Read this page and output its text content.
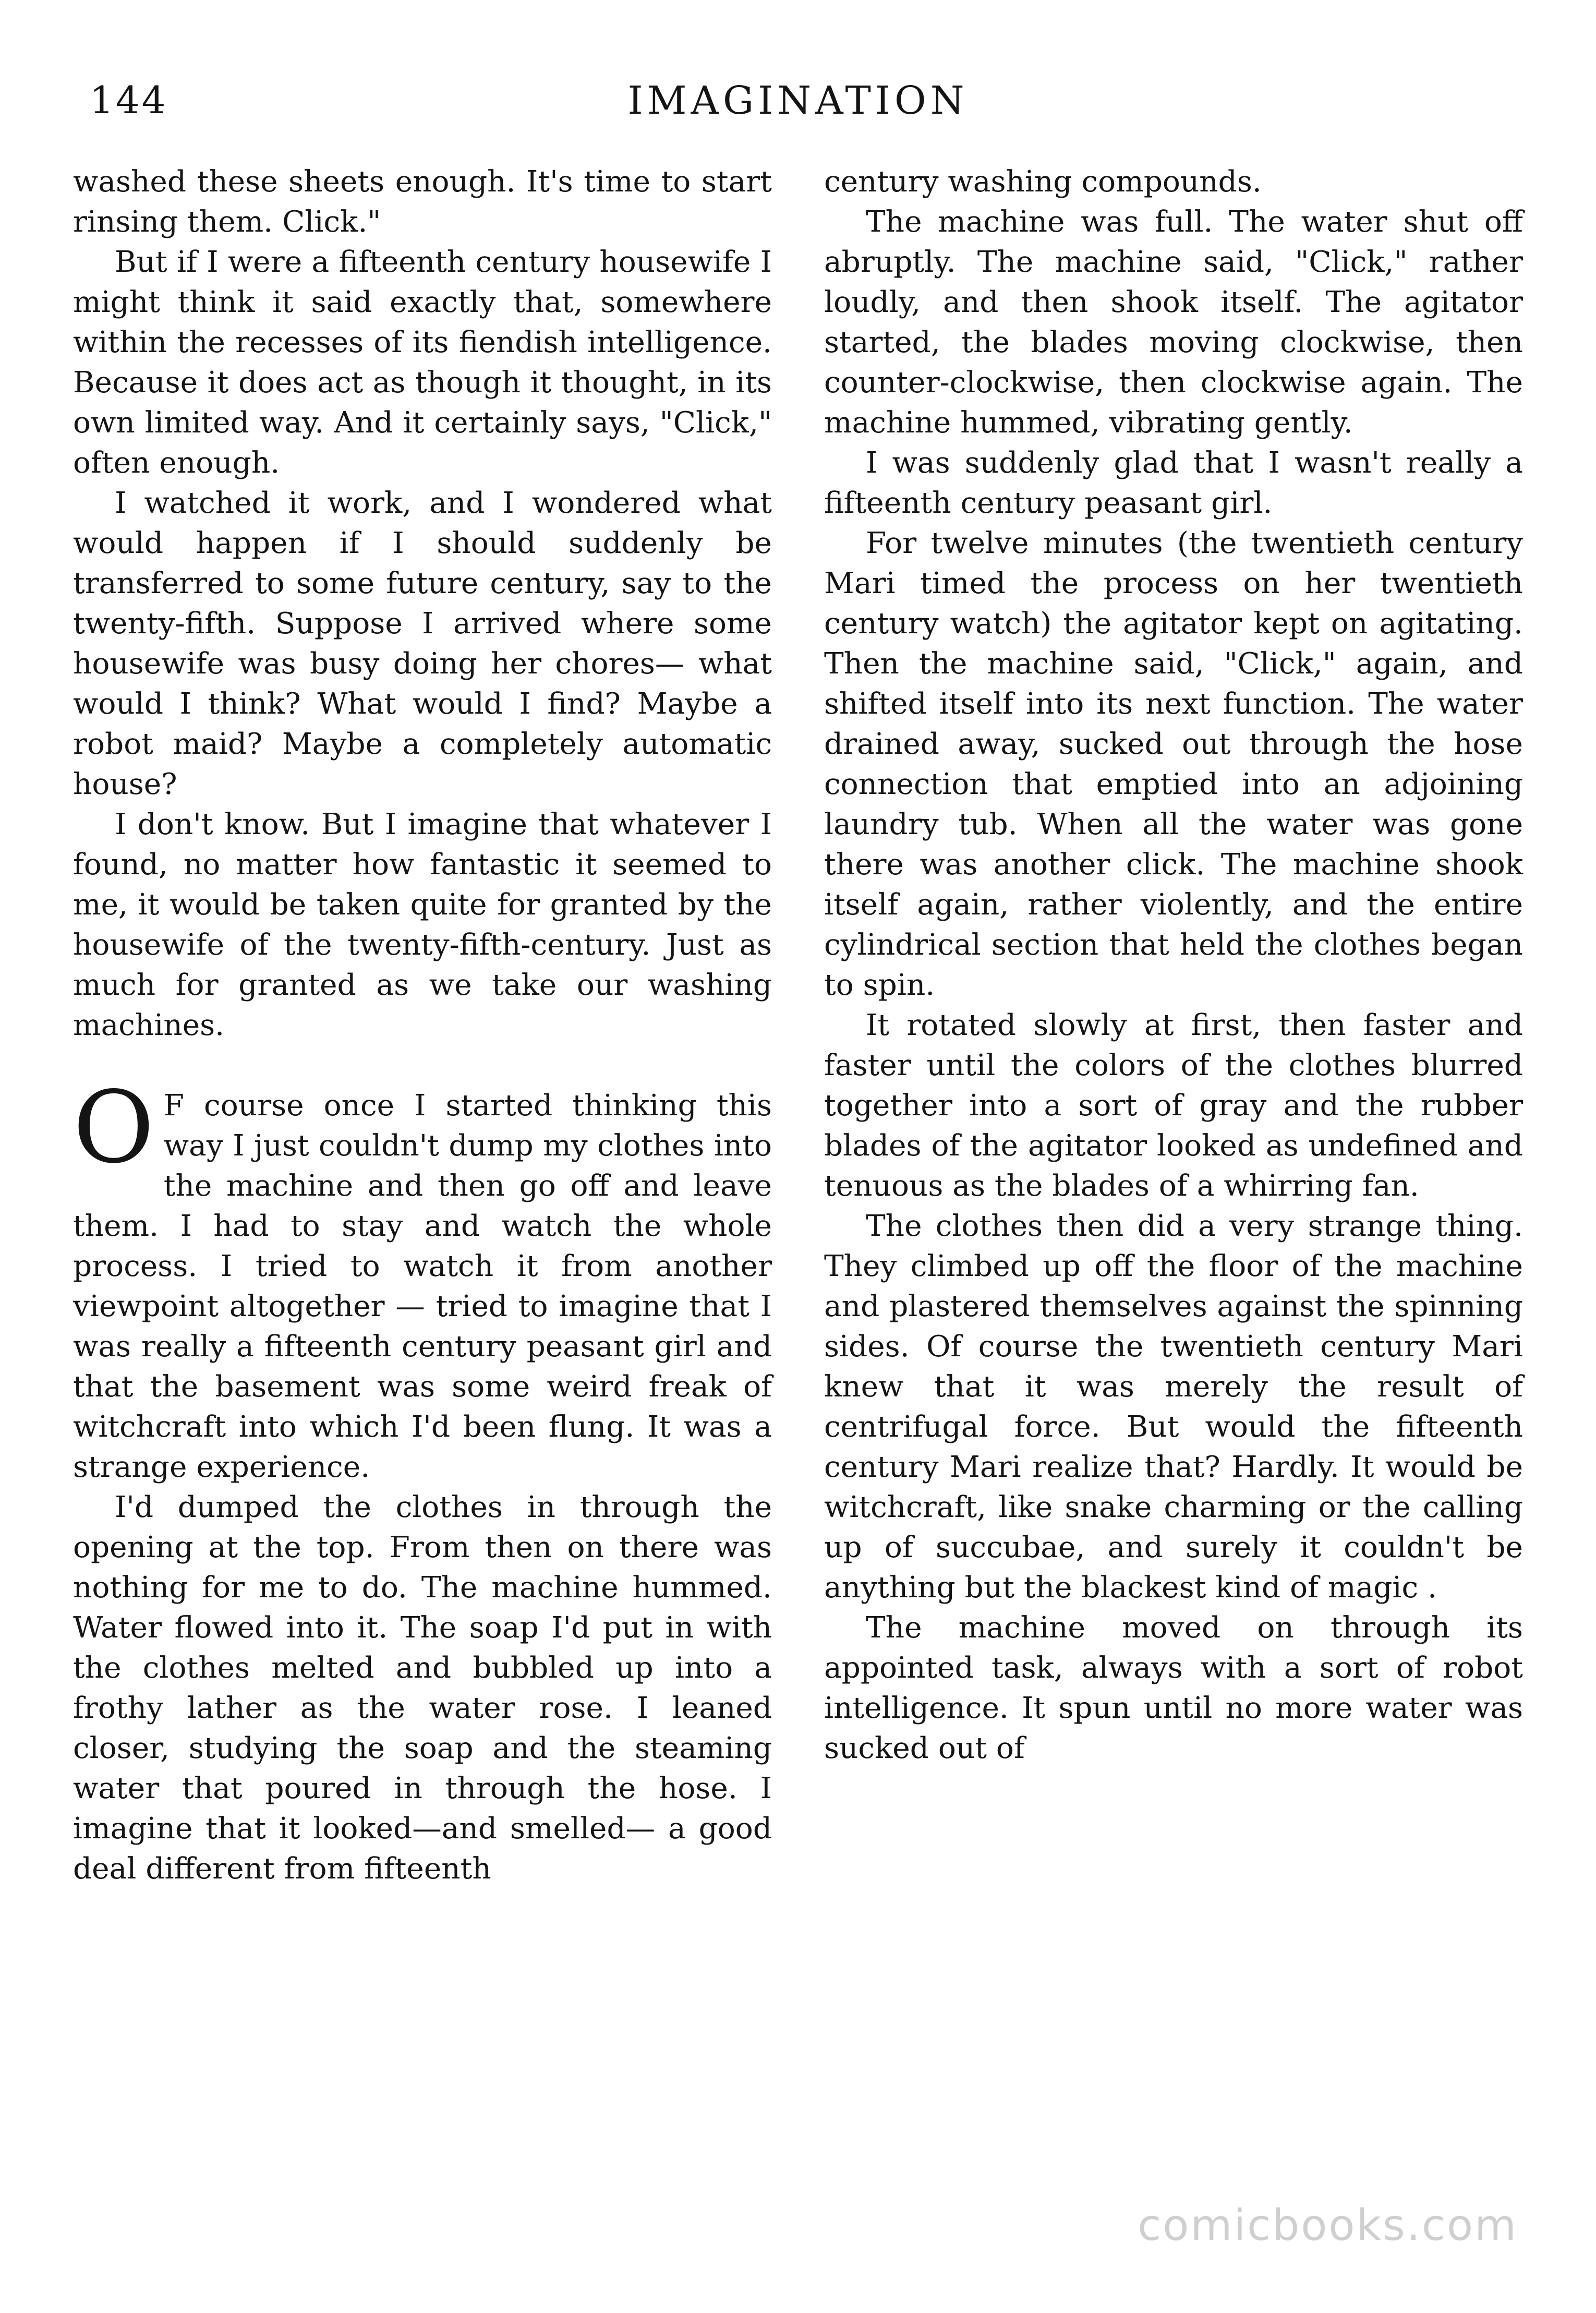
144	IMAGINATION

washed these sheets enough. It's time to start rinsing them. Click."

But if I were a fifteenth century housewife I might think it said exactly that, somewhere within the recesses of its fiendish intelligence. Because it does act as though it thought, in its own limited way. And it certainly says, "Click," often enough.

I watched it work, and I wondered what would happen if I should suddenly be transferred to some future century, say to the twenty-fifth. Suppose I arrived where some housewife was busy doing her chores— what would I think? What would I find? Maybe a robot maid? Maybe a completely automatic house?

I don't know. But I imagine that whatever I found, no matter how fantastic it seemed to me, it would be taken quite for granted by the housewife of the twenty-fifth-century. Just as much for granted as we take our washing machines.

O F course once I started thinking this way I just couldn't dump my clothes into the machine and then go off and leave them. I had to stay and watch the whole process. I tried to watch it from another viewpoint altogether — tried to imagine that I was really a fifteenth century peasant girl and that the basement was some weird freak of witchcraft into which I'd been flung. It was a strange experience.

I'd dumped the clothes in through the opening at the top. From then on there was nothing for me to do. The machine hummed. Water flowed into it. The soap I'd put in with the clothes melted and bubbled up into a frothy lather as the water rose. I leaned closer, studying the soap and the steaming water that poured in through the hose. I imagine that it looked—and smelled— a good deal different from fifteenth

century washing compounds.

The machine was full. The water shut off abruptly. The machine said, "Click," rather loudly, and then shook itself. The agitator started, the blades moving clockwise, then counter-clockwise, then clockwise again. The machine hummed, vibrating gently.

I was suddenly glad that I wasn't really a fifteenth century peasant girl.

For twelve minutes (the twentieth century Mari timed the process on her twentieth century watch) the agitator kept on agitating. Then the machine said, "Click," again, and shifted itself into its next function. The water drained away, sucked out through the hose connection that emptied into an adjoining laundry tub. When all the water was gone there was another click. The machine shook itself again, rather violently, and the entire cylindrical section that held the clothes began to spin.

It rotated slowly at first, then faster and faster until the colors of the clothes blurred together into a sort of gray and the rubber blades of the agitator looked as undefined and tenuous as the blades of a whirring fan.

The clothes then did a very strange thing. They climbed up off the floor of the machine and plastered themselves against the spinning sides. Of course the twentieth century Mari knew that it was merely the result of centrifugal force. But would the fifteenth century Mari realize that? Hardly. It would be witchcraft, like snake charming or the calling up of succubae, and surely it couldn't be anything but the blackest kind of magic .

The machine moved on through its appointed task, always with a sort of robot intelligence. It spun until no more water was sucked out of

comicbooks.com
